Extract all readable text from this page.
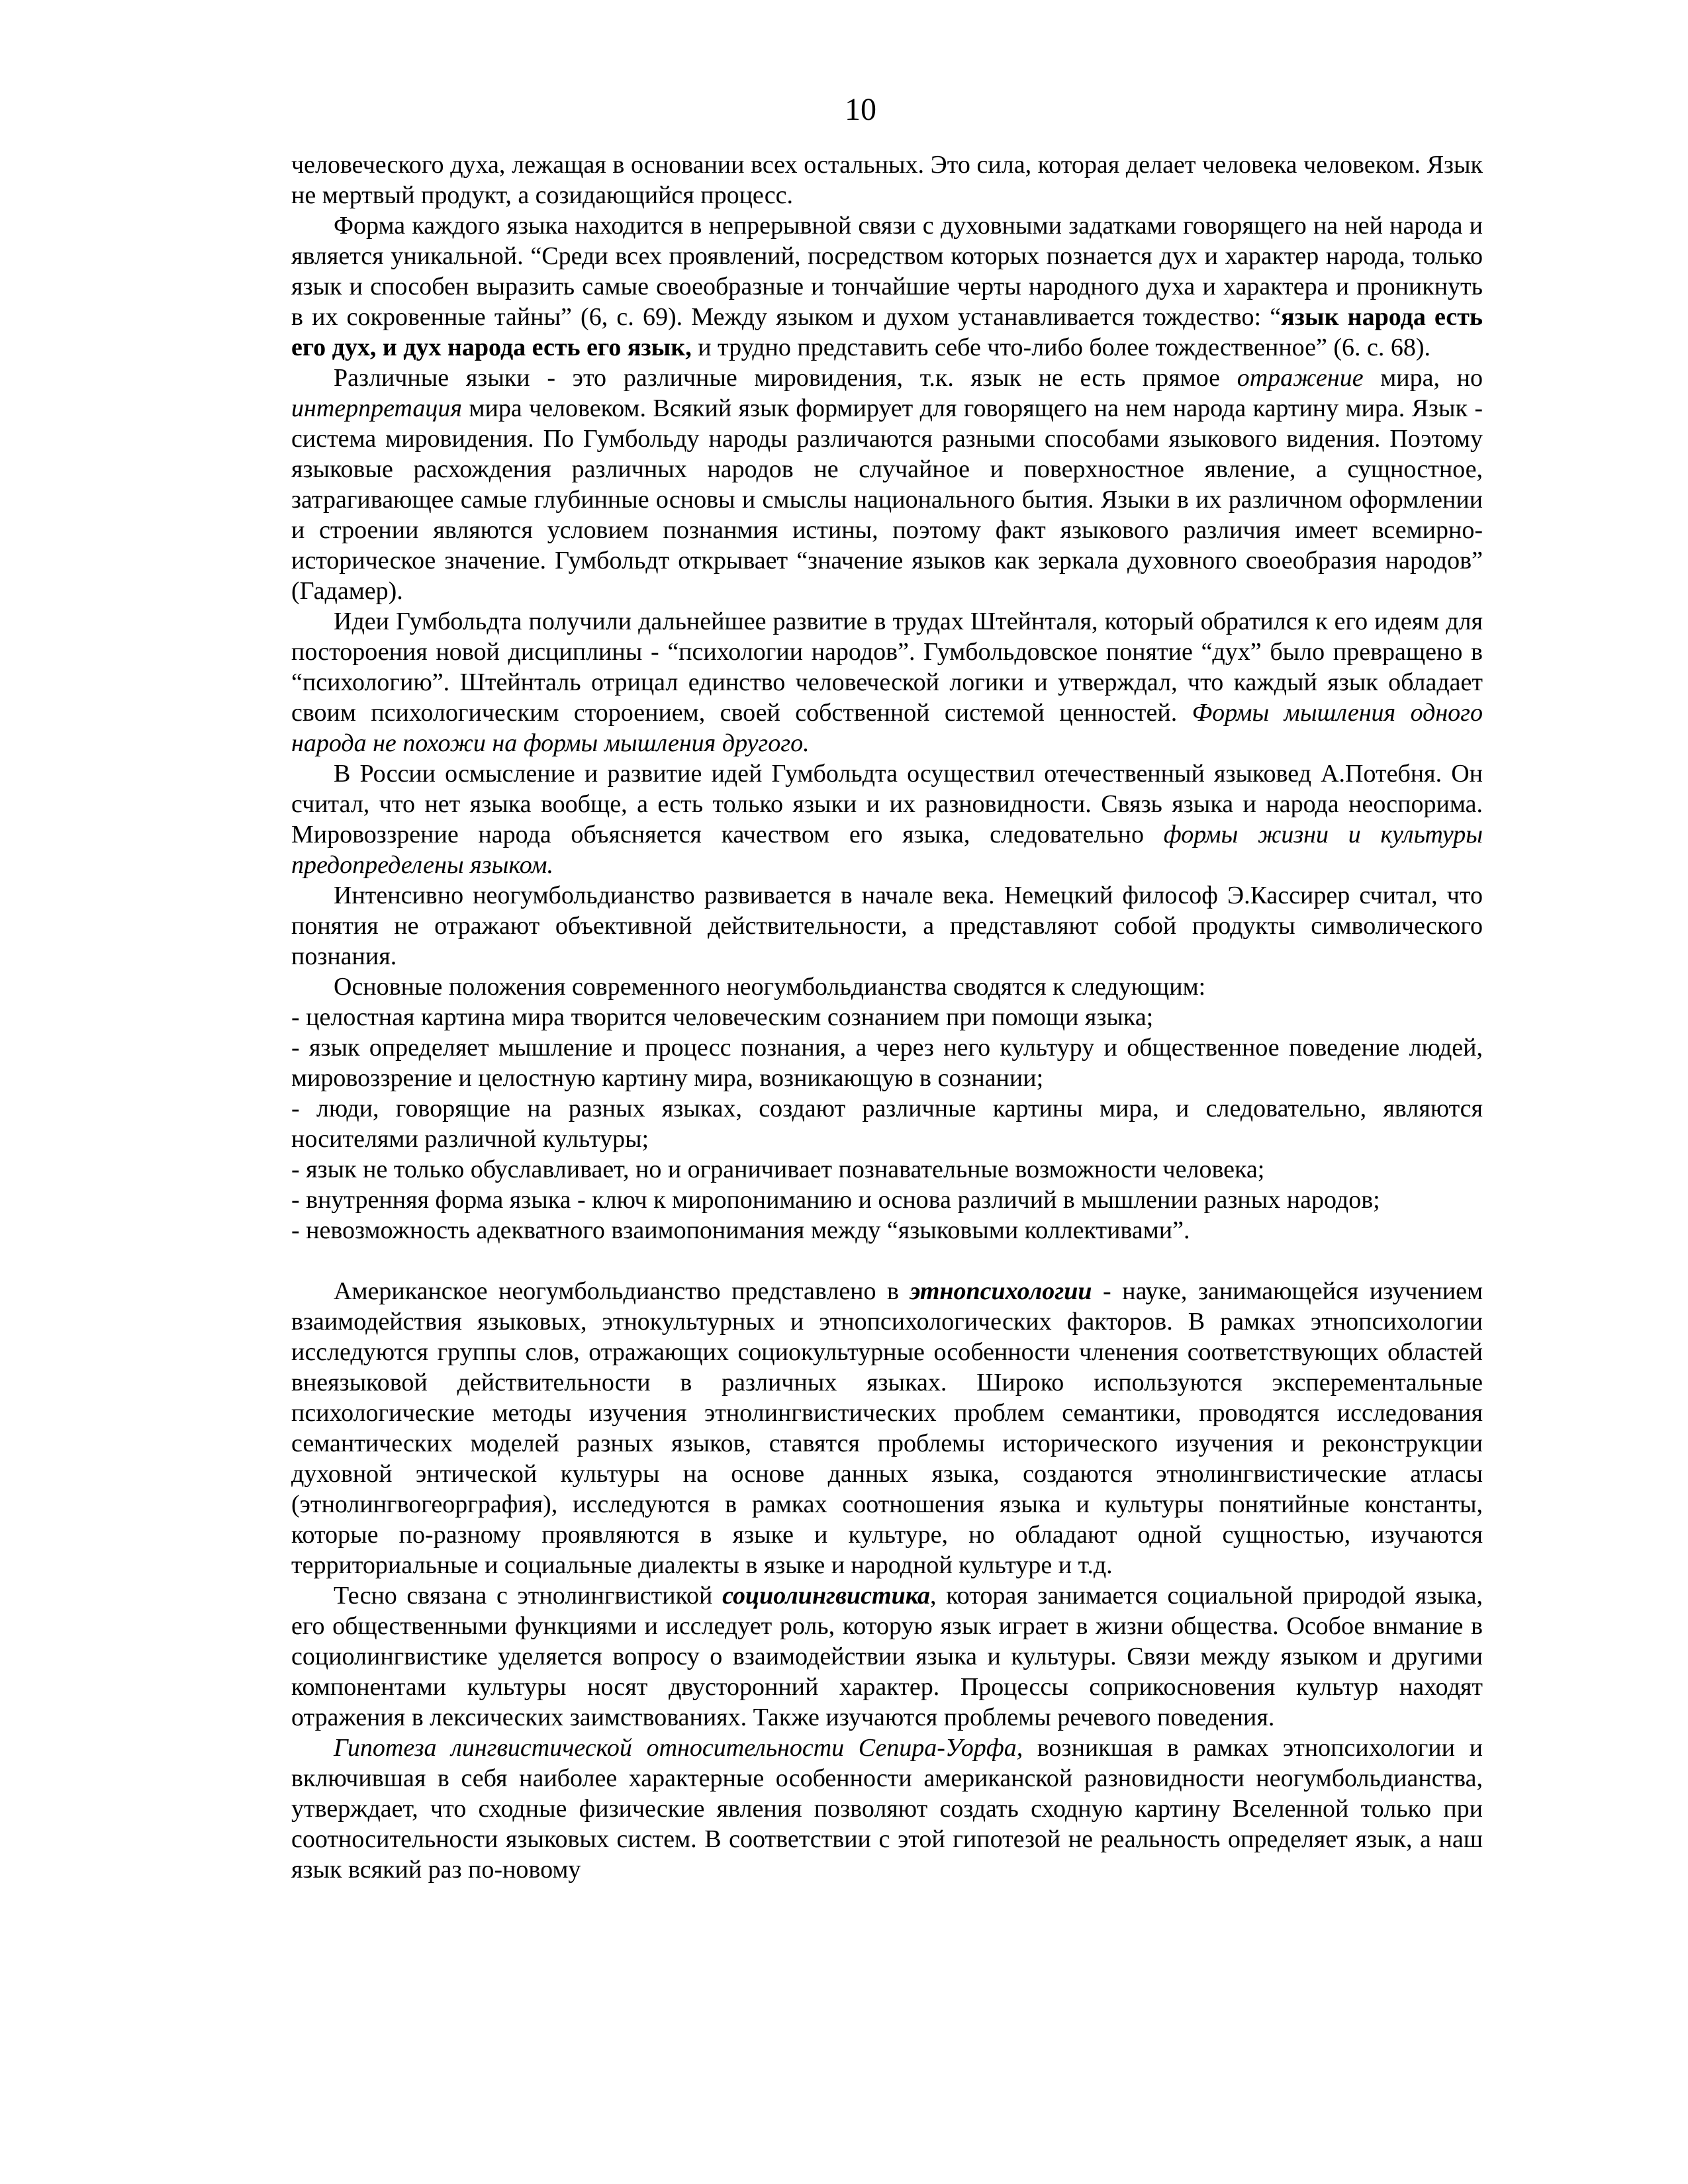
10

человеческого духа, лежащая в основании всех остальных. Это сила, которая делает человека человеком. Язык не мертвый продукт, а созидающийся процесс.

Форма каждого языка находится в непрерывной связи с духовными задатками говорящего на ней народа и является уникальной. “Среди всех проявлений, посредством которых познается дух и характер народа, только язык и способен выразить самые своеобразные и тончайшие черты народного духа и характера и проникнуть в их сокровенные тайны” (6, с. 69). Между языком и духом устанавливается тождество: “язык народа есть его дух, и дух народа есть его язык, и трудно представить себе что-либо более тождественное” (6. с. 68).

Различные языки - это различные мировидения, т.к. язык не есть прямое отражение мира, но интерпретация мира человеком. Всякий язык формирует для говорящего на нем народа картину мира. Язык - система мировидения. По Гумбольду народы различаются разными способами языкового видения. Поэтому языковые расхождения различных народов не случайное и поверхностное явление, а сущностное, затрагивающее самые глубинные основы и смыслы национального бытия. Языки в их различном оформлении и строении являются условием познанмия истины, поэтому факт языкового различия имеет всемирно-историческое значение. Гумбольдт открывает “значение языков как зеркала духовного своеобразия народов” (Гадамер).

Идеи Гумбольдта получили дальнейшее развитие в трудах Штейнталя, который обратился к его идеям для постороения новой дисциплины - “психологии народов”. Гумбольдовское понятие “дух” было превращено в “психологию”. Штейнталь отрицал единство человеческой логики и утверждал, что каждый язык обладает своим психологическим стороением, своей собственной системой ценностей. Формы мышления одного народа не похожи на формы мышления другого.

В России осмысление и развитие идей Гумбольдта осуществил отечественный языковед А.Потебня. Он считал, что нет языка вообще, а есть только языки и их разновидности. Связь языка и народа неоспорима. Мировоззрение народа объясняется качеством его языка, следовательно формы жизни и культуры предопределены языком.

Интенсивно неогумбольдианство развивается в начале века. Немецкий философ Э.Кассирер считал, что понятия не отражают объективной действительности, а представляют собой продукты символического познания.

Основные положения современного неогумбольдианства сводятся к следующим:

- целостная картина мира творится человеческим сознанием при помощи языка;

- язык определяет мышление и процесс познания, а через него культуру и общественное поведение людей, мировоззрение и целостную картину мира, возникающую в сознании;

- люди, говорящие на разных языках, создают различные картины мира, и следовательно, являются носителями различной культуры;

- язык не только обуславливает, но и ограничивает познавательные возможности человека;

- внутренняя форма языка - ключ к миропониманию и основа различий в мышлении разных народов;

- невозможность адекватного взаимопонимания между “языковыми коллективами”.

Американское неогумбольдианство представлено в этнопсихологии - науке, занимающейся изучением взаимодействия языковых, этнокультурных и этнопсихологических факторов. В рамках этнопсихологии исследуются группы слов, отражающих социокультурные особенности членения соответствующих областей внеязыковой действительности в различных языках. Широко используются эксперементальные психологические методы изучения этнолингвистических проблем семантики, проводятся исследования семантических моделей разных языков, ставятся проблемы исторического изучения и реконструкции духовной энтической культуры на основе данных языка, создаются этнолингвистические атласы (этнолингвогеорграфия), исследуются в рамках соотношения языка и культуры понятийные константы, которые по-разному проявляются в языке и культуре, но обладают одной сущностью, изучаются территориальные и социальные диалекты в языке и народной культуре и т.д.

Тесно связана с этнолингвистикой социолингвистика, которая занимается социальной природой языка, его общественными функциями и исследует роль, которую язык играет в жизни общества. Особое внмание в социолингвистике уделяется вопросу о взаимодействии языка и культуры. Связи между языком и другими компонентами культуры носят двусторонний характер. Процессы соприкосновения культур находят отражения в лексических заимствованиях. Также изучаются проблемы речевого поведения.

Гипотеза лингвистической относительности Сепира-Уорфа, возникшая в рамках этнопсихологии и включившая в себя наиболее характерные особенности американской разновидности неогумбольдианства, утверждает, что сходные физические явления позволяют создать сходную картину Вселенной только при соотносительности языковых систем. В соответствии с этой гипотезой не реальность определяет язык, а наш язык всякий раз по-новому
